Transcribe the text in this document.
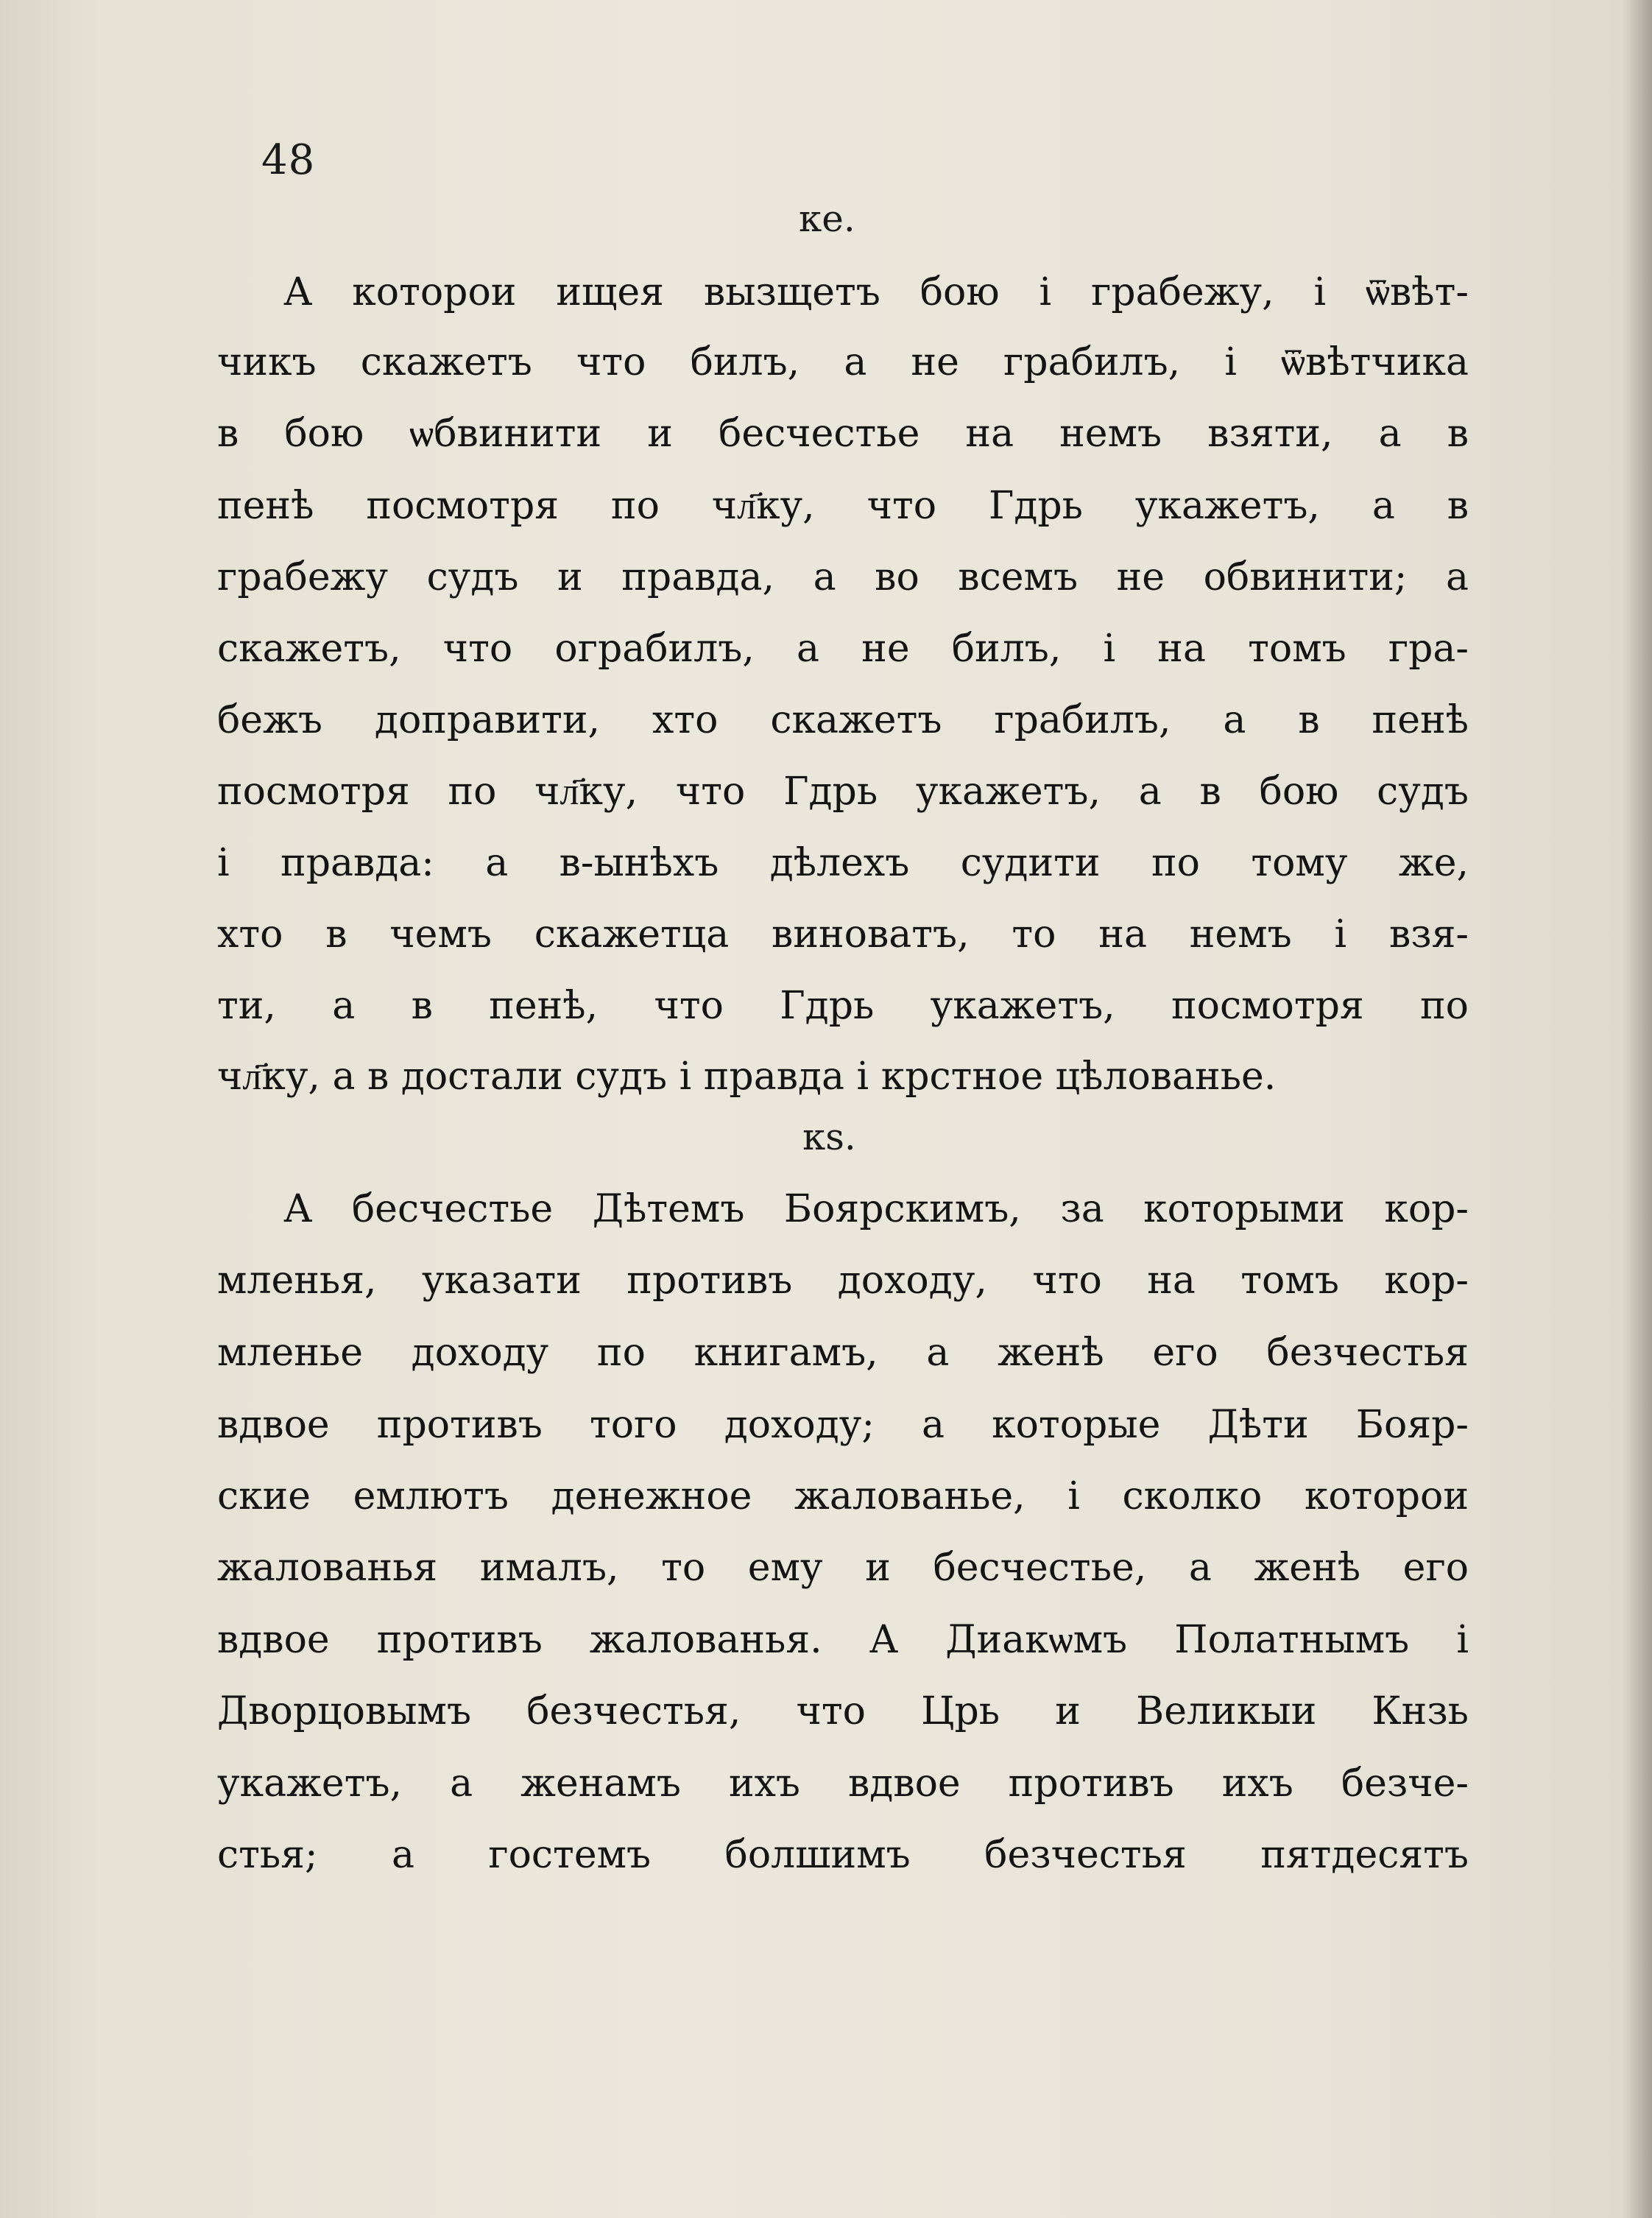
48
ке.
А которои ищея вызщетъ бою і грабежу, і ѿвѣт-
чикъ скажетъ что билъ, а не грабилъ, і ѿвѣтчика
в бою ѡбвинити и бесчестье на немъ взяти, а в
пенѣ посмотря по чл҃ку, что Гдрь укажетъ, а в
грабежу судъ и правда, а во всемъ не обвинити; а
скажетъ, что ограбилъ, а не билъ, і на томъ гра-
бежъ доправити, хто скажетъ грабилъ, а в пенѣ
посмотря по чл҃ку, что Гдрь укажетъ, а в бою судъ
і правда: а в-ынѣхъ дѣлехъ судити по тому же,
хто в чемъ скажетца виноватъ, то на немъ і взя-
ти, а в пенѣ, что Гдрь укажетъ, посмотря по
чл҃ку, а в достали судъ і правда і крстное цѣлованье.
кѕ.
А бесчестье Дѣтемъ Боярскимъ, за которыми кор-
мленья, указати противъ доходу, что на томъ кор-
мленье доходу по книгамъ, а женѣ его безчестья
вдвое противъ того доходу; а которые Дѣти Бояр-
ские емлютъ денежное жалованье, і сколко которои
жалованья ималъ, то ему и бесчестье, а женѣ его
вдвое противъ жалованья. А Диакѡмъ Полатнымъ і
Дворцовымъ безчестья, что Црь и Великыи Кнзь
укажетъ, а женамъ ихъ вдвое противъ ихъ безче-
стья; а гостемъ болшимъ безчестья пятдесятъ
